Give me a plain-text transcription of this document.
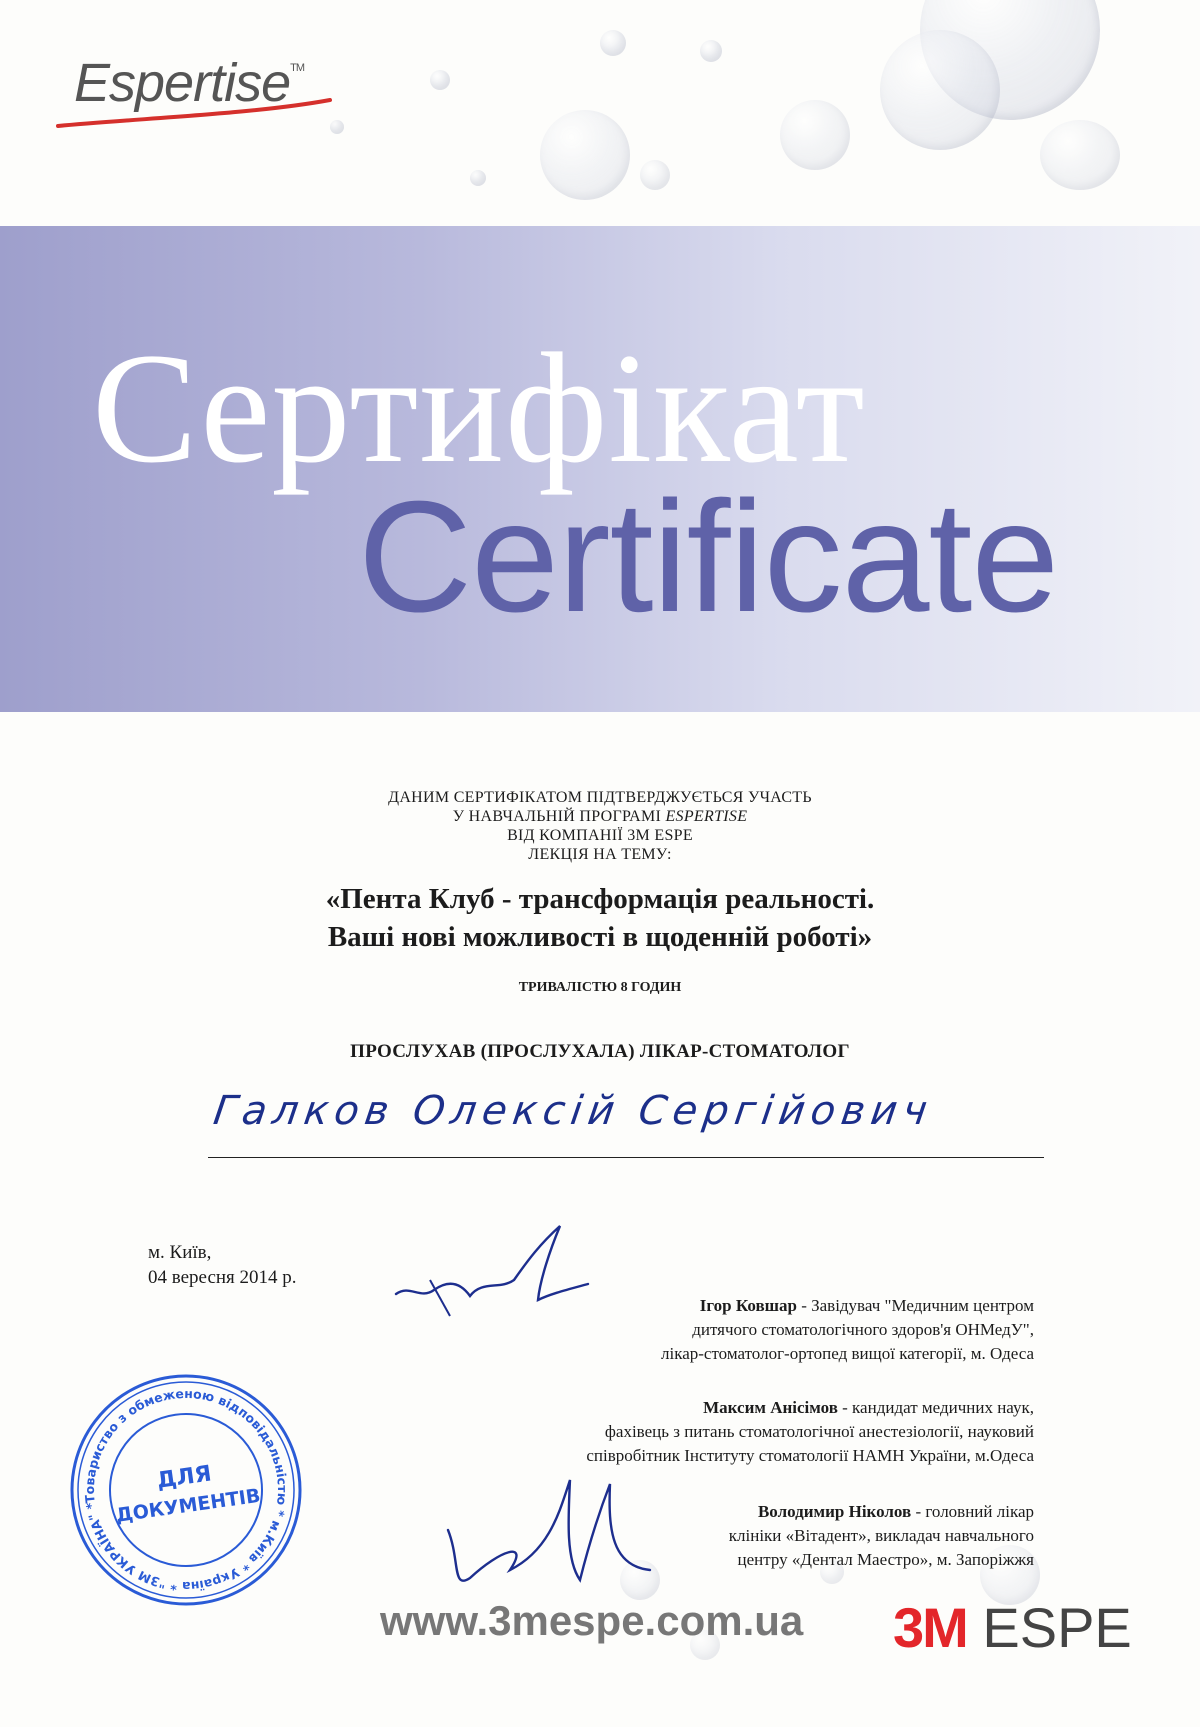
Espertise™
Сертифікат
Certificate
ДАНИМ СЕРТИФІКАТОМ ПІДТВЕРДЖУЄТЬСЯ УЧАСТЬ
У НАВЧАЛЬНІЙ ПРОГРАМІ ESPERTISE
ВІД КОМПАНІЇ 3M ESPE
ЛЕКЦІЯ НА ТЕМУ:
«Пента Клуб - трансформація реальності.
Ваші нові можливості в щоденній роботі»
ТРИВАЛІСТЮ 8 ГОДИН
ПРОСЛУХАВ (ПРОСЛУХАЛА) ЛІКАР-СТОМАТОЛОГ
Галков Олексій Сергійович
м. Київ,
04 вересня 2014 р.
Ігор Ковшар - Завідувач "Медичним центром
дитячого стоматологічного здоров'я ОНМедУ",
лікар-стоматолог-ортопед вищої категорії, м. Одеса
Максим Анісімов - кандидат медичних наук,
фахівець з питань стоматологічної анестезіології, науковий
співробітник Інституту стоматології НАМН України, м.Одеса
Володимир Ніколов - головний лікар
клініки «Вітадент», викладач навчального
центру «Дентал Маестро», м. Запоріжжя
Товариство з обмеженою відповідальністю * м.Київ * Україна * "3М УКРАЇНА" *
ДЛЯ
ДОКУМЕНТІВ
www.3mespe.com.ua 3M ESPE
